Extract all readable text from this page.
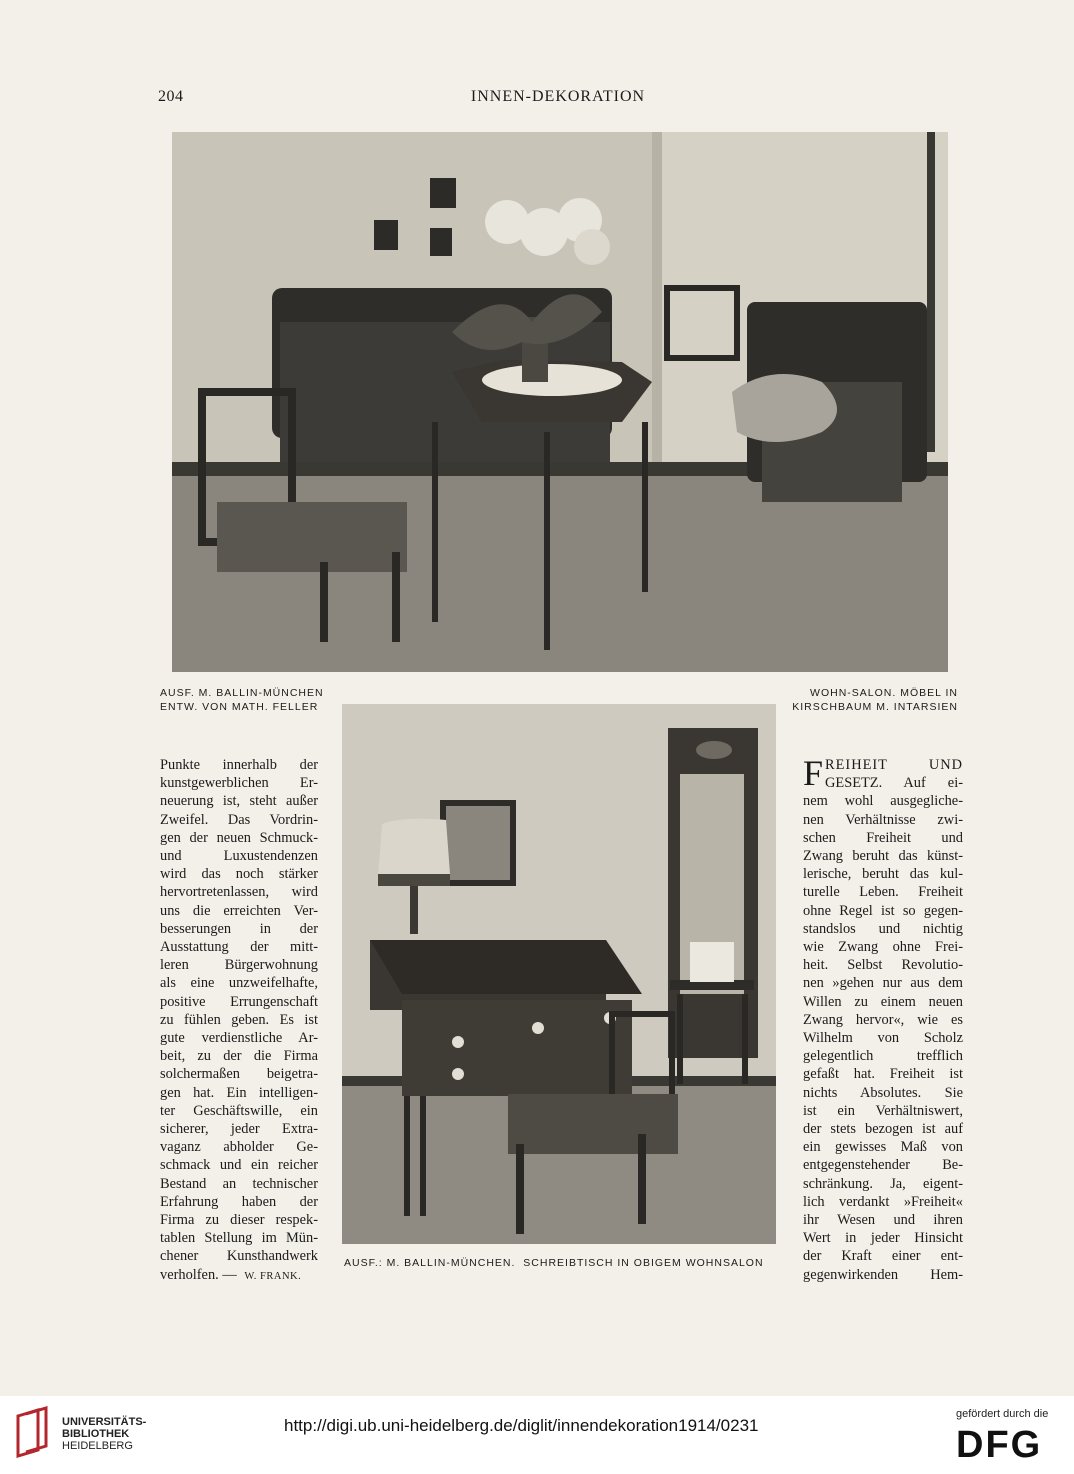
204	INNEN-DEKORATION
AUSF. M. BALLIN-MÜNCHEN
ENTW. VON MATH. FELLER
WOHN-SALON. MÖBEL IN
KIRSCHBAUM M. INTARSIEN
Punkte innerhalb der
kunstgewerblichen Er-
neuerung ist, steht außer
Zweifel. Das Vordrin-
gen der neuen Schmuck-
und Luxustendenzen
wird das noch stärker
hervortretenlassen, wird
uns die erreichten Ver-
besserungen in der
Ausstattung der mitt-
leren Bürgerwohnung
als eine unzweifelhafte,
positive Errungenschaft
zu fühlen geben. Es ist
gute verdienstliche Ar-
beit, zu der die Firma
solchermaßen beigetra-
gen hat. Ein intelligen-
ter Geschäftswille, ein
sicherer, jeder Extra-
vaganz abholder Ge-
schmack und ein reicher
Bestand an technischer
Erfahrung haben der
Firma zu dieser respek-
tablen Stellung im Mün-
chener Kunsthandwerk
verholfen. — W. FRANK.
AUSF.: M. BALLIN-MÜNCHEN.  SCHREIBTISCH IN OBIGEM WOHNSALON
F REIHEIT UND
GESETZ. Auf ei-
nem wohl ausgegliche-
nen Verhältnisse zwi-
schen Freiheit und
Zwang beruht das künst-
lerische, beruht das kul-
turelle Leben. Freiheit
ohne Regel ist so gegen-
standslos und nichtig
wie Zwang ohne Frei-
heit. Selbst Revolutio-
nen »gehen nur aus dem
Willen zu einem neuen
Zwang hervor«, wie es
Wilhelm von Scholz
gelegentlich trefflich
gefaßt hat. Freiheit ist
nichts Absolutes. Sie
ist ein Verhältniswert,
der stets bezogen ist auf
ein gewisses Maß von
entgegenstehender Be-
schränkung. Ja, eigent-
lich verdankt »Freiheit«
ihr Wesen und ihren
Wert in jeder Hinsicht
der Kraft einer ent-
gegenwirkenden Hem-
UNIVERSITÄTS-
BIBLIOTHEK
HEIDELBERG
http://digi.ub.uni-heidelberg.de/diglit/innendekoration1914/0231
gefördert durch die
DFG
